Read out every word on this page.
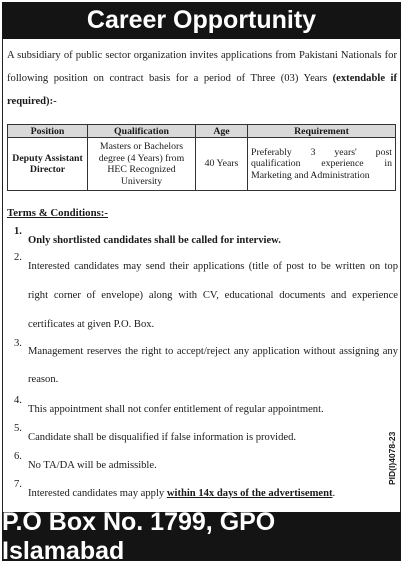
Career Opportunity

A subsidiary of public sector organization invites applications from Pakistani Nationals for following position on contract basis for a period of Three (03) Years (extendable if required):-

Position	Qualification	Age	Requirement
Deputy Assistant Director	Masters or Bachelors degree (4 Years) from HEC Recognized University	40 Years	Preferably 3 years' post qualification experience in Marketing and Administration
Terms & Conditions:-
1.
Only shortlisted candidates shall be called for interview.
2.
Interested candidates may send their applications (title of post to be written on top right corner of envelope) along with CV, educational documents and experience certificates at given P.O. Box.
3.
Management reserves the right to accept/reject any application without assigning any reason.
4.
This appointment shall not confer entitlement of regular appointment.
5.
Candidate shall be disqualified if false information is provided.
6.
No TA/DA will be admissible.
7.
Interested candidates may apply within 14x days of the advertisement.
PID(I)4078-23
P.O Box No. 1799, GPO Islamabad
